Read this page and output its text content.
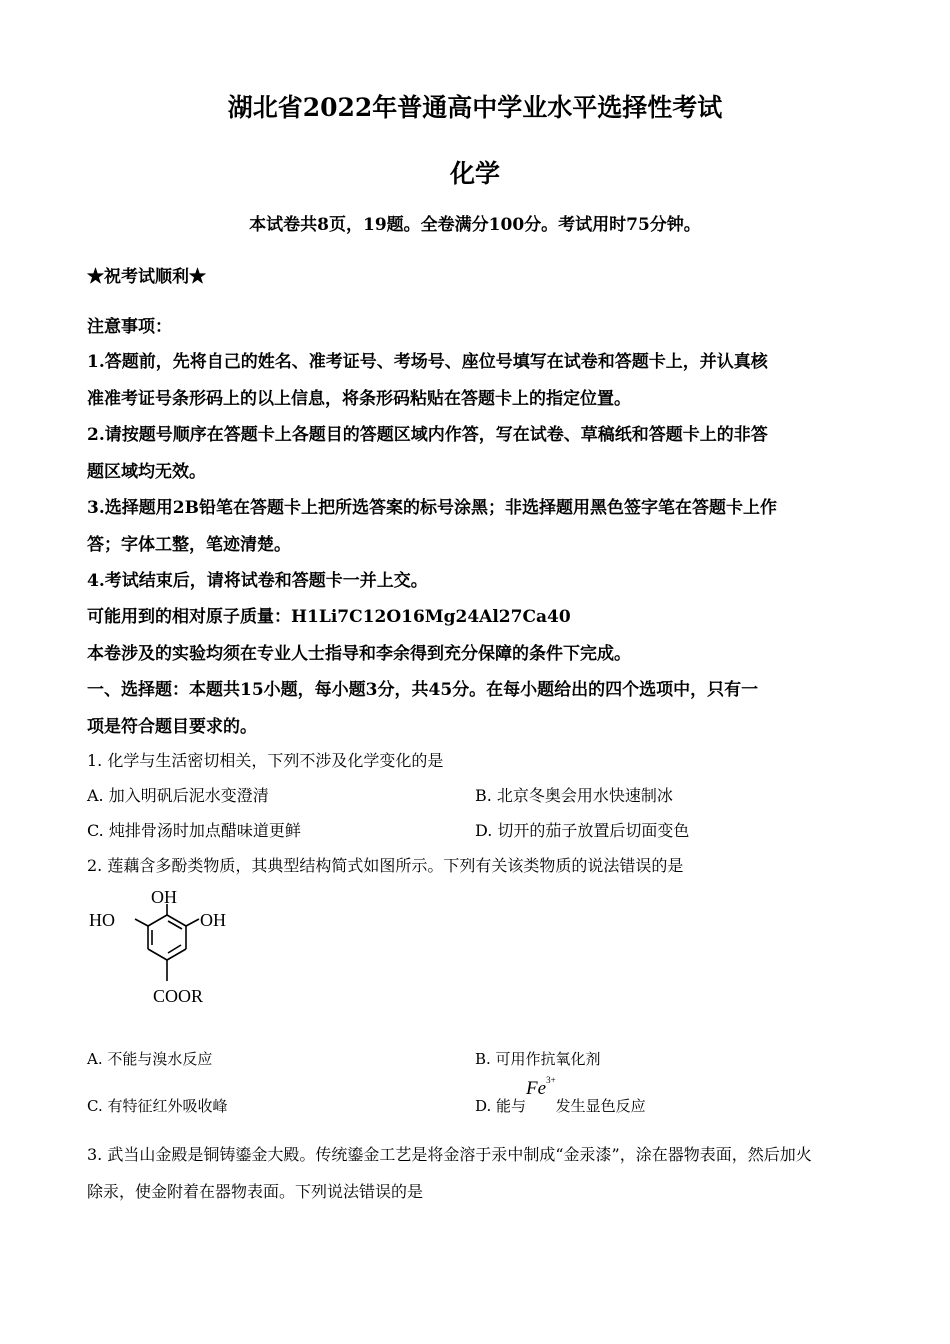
湖北省2022年普通高中学业水平选择性考试
化学
本试卷共8页，19题。全卷满分100分。考试用时75分钟。
★祝考试顺利★
注意事项：
1.答题前，先将自己的姓名、准考证号、考场号、座位号填写在试卷和答题卡上，并认真核
准准考证号条形码上的以上信息，将条形码粘贴在答题卡上的指定位置。
2.请按题号顺序在答题卡上各题目的答题区域内作答，写在试卷、草稿纸和答题卡上的非答
题区域均无效。
3.选择题用2B铅笔在答题卡上把所选答案的标号涂黑；非选择题用黑色签字笔在答题卡上作
答；字体工整，笔迹清楚。
4.考试结束后，请将试卷和答题卡一并上交。
可能用到的相对原子质量：H1Li7C12O16Mg24Al27Ca40
本卷涉及的实验均须在专业人士指导和李余得到充分保障的条件下完成。
一、选择题：本题共15小题，每小题3分，共45分。在每小题给出的四个选项中，只有一
项是符合题目要求的。
1. 化学与生活密切相关，下列不涉及化学变化的是
A. 加入明矾后泥水变澄清	B. 北京冬奥会用水快速制冰
C. 炖排骨汤时加点醋味道更鲜	D. 切开的茄子放置后切面变色
2. 莲藕含多酚类物质，其典型结构简式如图所示。下列有关该类物质的说法错误的是
OH
HO	OH
COOR
A. 不能与溴水反应	B. 可用作抗氧化剂
C. 有特征红外吸收峰	D. 能与$Fe^{3+}$发生显色反应
3. 武当山金殿是铜铸鎏金大殿。传统鎏金工艺是将金溶于汞中制成“金汞漆”，涂在器物表面，然后加火
除汞，使金附着在器物表面。下列说法错误的是
